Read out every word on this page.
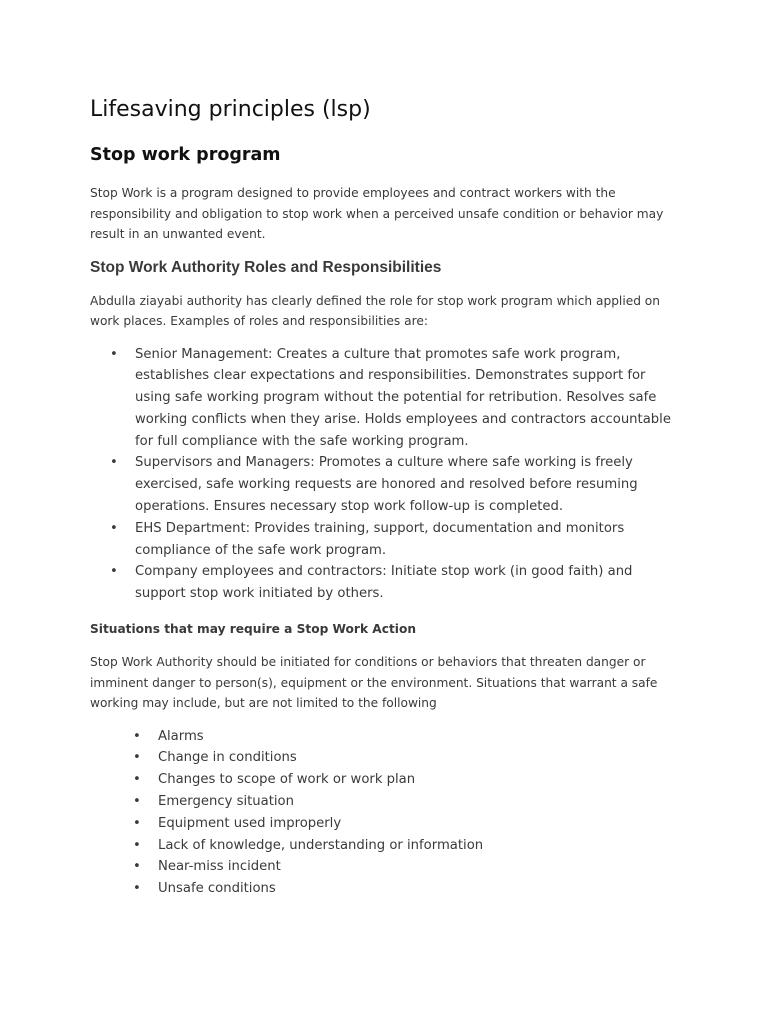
Lifesaving principles (lsp)
Stop work program

Stop Work is a program designed to provide employees and contract workers with the responsibility and obligation to stop work when a perceived unsafe condition or behavior may result in an unwanted event.

Stop Work Authority Roles and Responsibilities

Abdulla ziayabi authority has clearly defined the role for stop work program which applied on work places. Examples of roles and responsibilities are:

• Senior Management: Creates a culture that promotes safe work program, establishes clear expectations and responsibilities. Demonstrates support for using safe working program without the potential for retribution. Resolves safe working conflicts when they arise. Holds employees and contractors accountable for full compliance with the safe working program.
• Supervisors and Managers: Promotes a culture where safe working is freely exercised, safe working requests are honored and resolved before resuming operations. Ensures necessary stop work follow-up is completed.
• EHS Department: Provides training, support, documentation and monitors compliance of the safe work program.
• Company employees and contractors: Initiate stop work (in good faith) and support stop work initiated by others.
Situations that may require a Stop Work Action

Stop Work Authority should be initiated for conditions or behaviors that threaten danger or imminent danger to person(s), equipment or the environment. Situations that warrant a safe working may include, but are not limited to the following

• Alarms
• Change in conditions
• Changes to scope of work or work plan
• Emergency situation
• Equipment used improperly
• Lack of knowledge, understanding or information
• Near-miss incident
• Unsafe conditions
